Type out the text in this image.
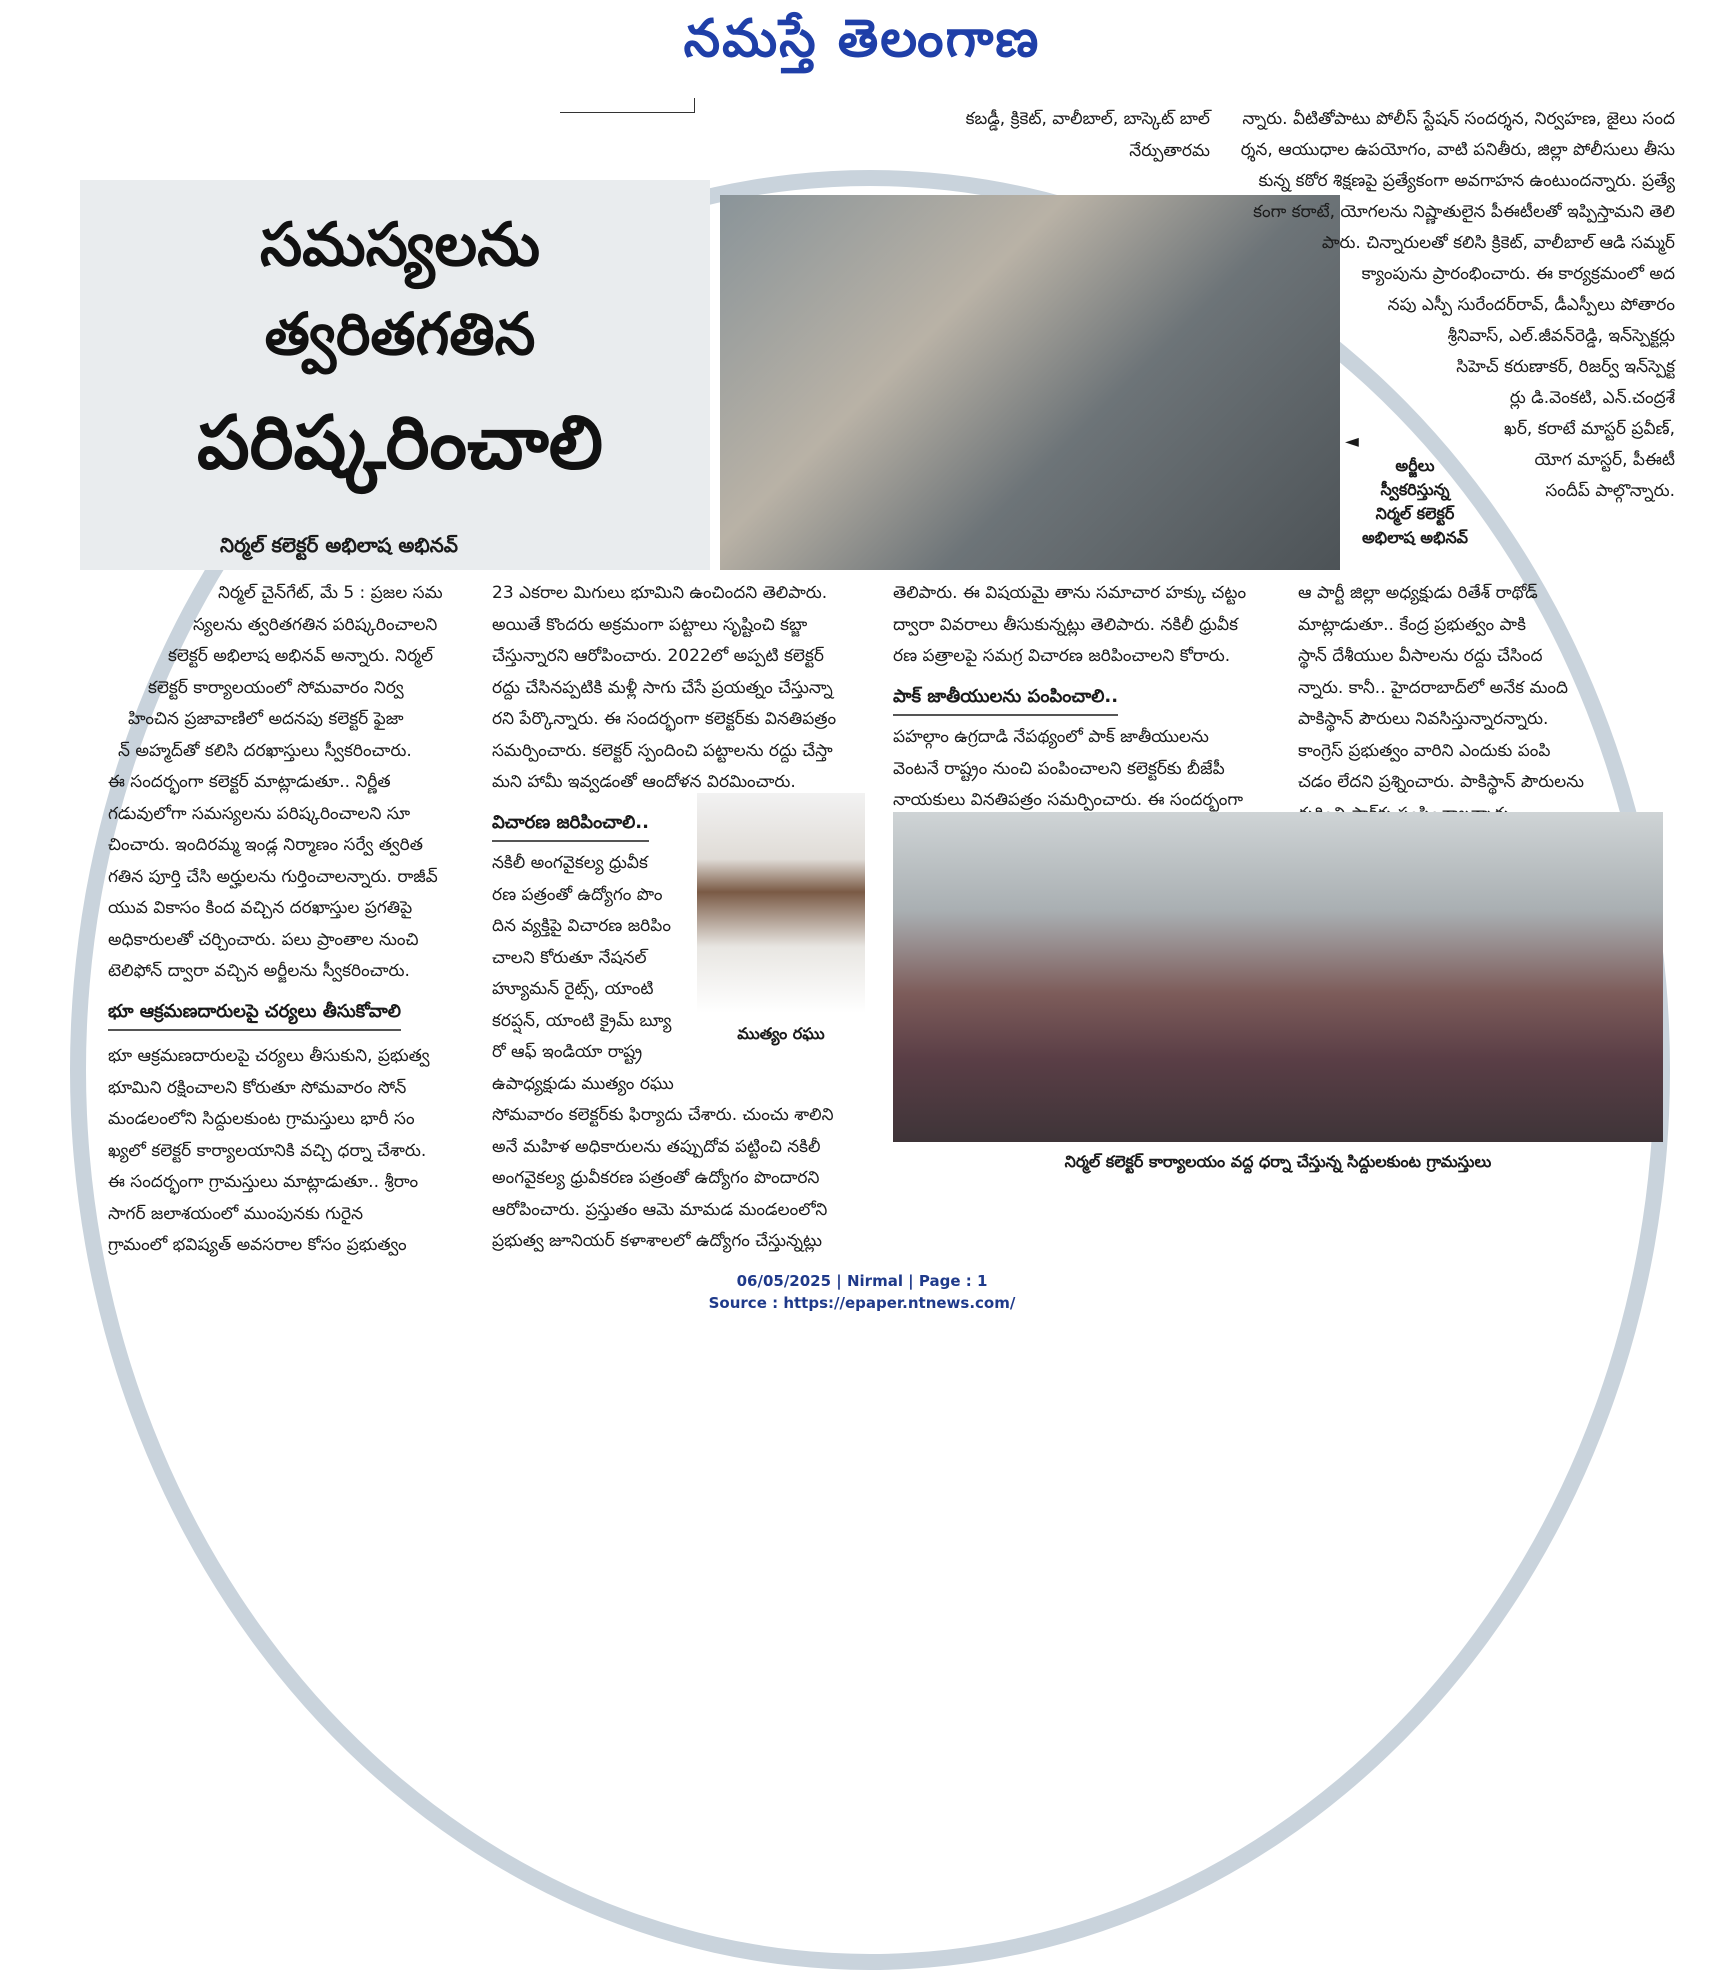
నమస్తే తెలంగాణ

కబడ్డీ, క్రికెట్, వాలీబాల్, బాస్కెట్ బాల్

నేర్పుతారమ

సమస్యలను
త్వరితగతిన
పరిష్కరించాలి
నిర్మల్ కలెక్టర్ అభిలాష అభినవ్
◄
అర్జీలు
స్వీకరిస్తున్న
నిర్మల్ కలెక్టర్
అభిలాష అభినవ్

న్నారు. వీటితోపాటు పోలీస్ స్టేషన్ సందర్శన, నిర్వహణ, జైలు సంద

ర్శన, ఆయుధాల ఉపయోగం, వాటి పనితీరు, జిల్లా పోలీసులు తీసు

కున్న కఠోర శిక్షణపై ప్రత్యేకంగా అవగాహన ఉంటుందన్నారు. ప్రత్యే

కంగా కరాటే, యోగలను నిష్ణాతులైన పీఈటీలతో ఇప్పిస్తామని తెలి

పారు. చిన్నారులతో కలిసి క్రికెట్, వాలీబాల్ ఆడి సమ్మర్

క్యాంపును ప్రారంభించారు. ఈ కార్యక్రమంలో అద

నపు ఎస్పీ సురేందర్‌రావ్, డీఎస్పీలు పోతారం

శ్రీనివాస్, ఎల్.జీవన్‌రెడ్డి, ఇన్‌స్పెక్టర్లు

సిహెచ్ కరుణాకర్, రిజర్వ్ ఇన్‌స్పెక్ట

ర్లు డి.వెంకటి, ఎన్.చంద్రశే

ఖర్, కరాటే మాస్టర్ ప్రవీణ్,

యోగ మాస్టర్, పీఈటీ

సందీప్ పాల్గొన్నారు.

నిర్మల్ చైన్‌గేట్, మే 5 : ప్రజల సమ

స్యలను త్వరితగతిన పరిష్కరించాలని

కలెక్టర్ అభిలాష అభినవ్ అన్నారు. నిర్మల్

కలెక్టర్ కార్యాలయంలో సోమవారం నిర్వ

హించిన ప్రజావాణిలో అదనపు కలెక్టర్ ఫైజా

న్ అహ్మద్‌తో కలిసి దరఖాస్తులు స్వీకరించారు.

ఈ సందర్భంగా కలెక్టర్ మాట్లాడుతూ.. నిర్ణీత

గడువులోగా సమస్యలను పరిష్కరించాలని సూ

చించారు. ఇందిరమ్మ ఇండ్ల నిర్మాణం సర్వే త్వరిత

గతిన పూర్తి చేసి అర్హులను గుర్తించాలన్నారు. రాజీవ్

యువ వికాసం కింద వచ్చిన దరఖాస్తుల ప్రగతిపై

అధికారులతో చర్చించారు. పలు ప్రాంతాల నుంచి

టెలిఫోన్ ద్వారా వచ్చిన అర్జీలను స్వీకరించారు.

భూ ఆక్రమణదారులపై చర్యలు తీసుకోవాలి

భూ ఆక్రమణదారులపై చర్యలు తీసుకుని, ప్రభుత్వ

భూమిని రక్షించాలని కోరుతూ సోమవారం సోన్

మండలంలోని సిద్దులకుంట గ్రామస్తులు భారీ సం

ఖ్యలో కలెక్టర్ కార్యాలయానికి వచ్చి ధర్నా చేశారు.

ఈ సందర్భంగా గ్రామస్తులు మాట్లాడుతూ.. శ్రీరాం

సాగర్ జలాశయంలో ముంపునకు గురైన

గ్రామంలో భవిష్యత్ అవసరాల కోసం ప్రభుత్వం

23 ఎకరాల మిగులు భూమిని ఉంచిందని తెలిపారు.

అయితే కొందరు అక్రమంగా పట్టాలు సృష్టించి కబ్జా

చేస్తున్నారని ఆరోపించారు. 2022లో అప్పటి కలెక్టర్

రద్దు చేసినప్పటికి మళ్లీ సాగు చేసే ప్రయత్నం చేస్తున్నా

రని పేర్కొన్నారు. ఈ సందర్భంగా కలెక్టర్‌కు వినతిపత్రం

సమర్పించారు. కలెక్టర్ స్పందించి పట్టాలను రద్దు చేస్తా

మని హామీ ఇవ్వడంతో ఆందోళన విరమించారు.

విచారణ జరిపించాలి..

నకిలీ అంగవైకల్య ధ్రువీక

రణ పత్రంతో ఉద్యోగం పొం

దిన వ్యక్తిపై విచారణ జరిపిం

చాలని కోరుతూ నేషనల్

హ్యూమన్ రైట్స్, యాంటి

కరప్షన్, యాంటి క్రైమ్ బ్యూ

రో ఆఫ్ ఇండియా రాష్ట్ర

ఉపాధ్యక్షుడు ముత్యం రఘు

సోమవారం కలెక్టర్‌కు ఫిర్యాదు చేశారు. చుంచు శాలిని

అనే మహిళ అధికారులను తప్పుదోవ పట్టించి నకిలీ

అంగవైకల్య ధ్రువీకరణ పత్రంతో ఉద్యోగం పొందారని

ఆరోపించారు. ప్రస్తుతం ఆమె మామడ మండలంలోని

ప్రభుత్వ జూనియర్ కళాశాలలో ఉద్యోగం చేస్తున్నట్లు

ముత్యం రఘు

తెలిపారు. ఈ విషయమై తాను సమాచార హక్కు చట్టం

ద్వారా వివరాలు తీసుకున్నట్లు తెలిపారు. నకిలీ ధ్రువీక

రణ పత్రాలపై సమగ్ర విచారణ జరిపించాలని కోరారు.

పాక్ జాతీయులను పంపించాలి..

పహల్గాం ఉగ్రదాడి నేపథ్యంలో పాక్ జాతీయులను

వెంటనే రాష్ట్రం నుంచి పంపించాలని కలెక్టర్‌కు బీజేపీ

నాయకులు వినతిపత్రం సమర్పించారు. ఈ సందర్భంగా

ఆ పార్టీ జిల్లా అధ్యక్షుడు రితేశ్ రాథోడ్

మాట్లాడుతూ.. కేంద్ర ప్రభుత్వం పాకి

స్థాన్ దేశీయుల వీసాలను రద్దు చేసింద

న్నారు. కానీ.. హైదరాబాద్‌లో అనేక మంది

పాకిస్థాన్ పౌరులు నివసిస్తున్నారన్నారు.

కాంగ్రెస్ ప్రభుత్వం వారిని ఎందుకు పంపి

చడం లేదని ప్రశ్నించారు. పాకిస్థాన్ పౌరులను

నిర్మల్ కలెక్టర్ కార్యాలయం వద్ద ధర్నా చేస్తున్న సిద్దులకుంట గ్రామస్తులు
06/05/2025 | Nirmal | Page : 1
Source : https://epaper.ntnews.com/
